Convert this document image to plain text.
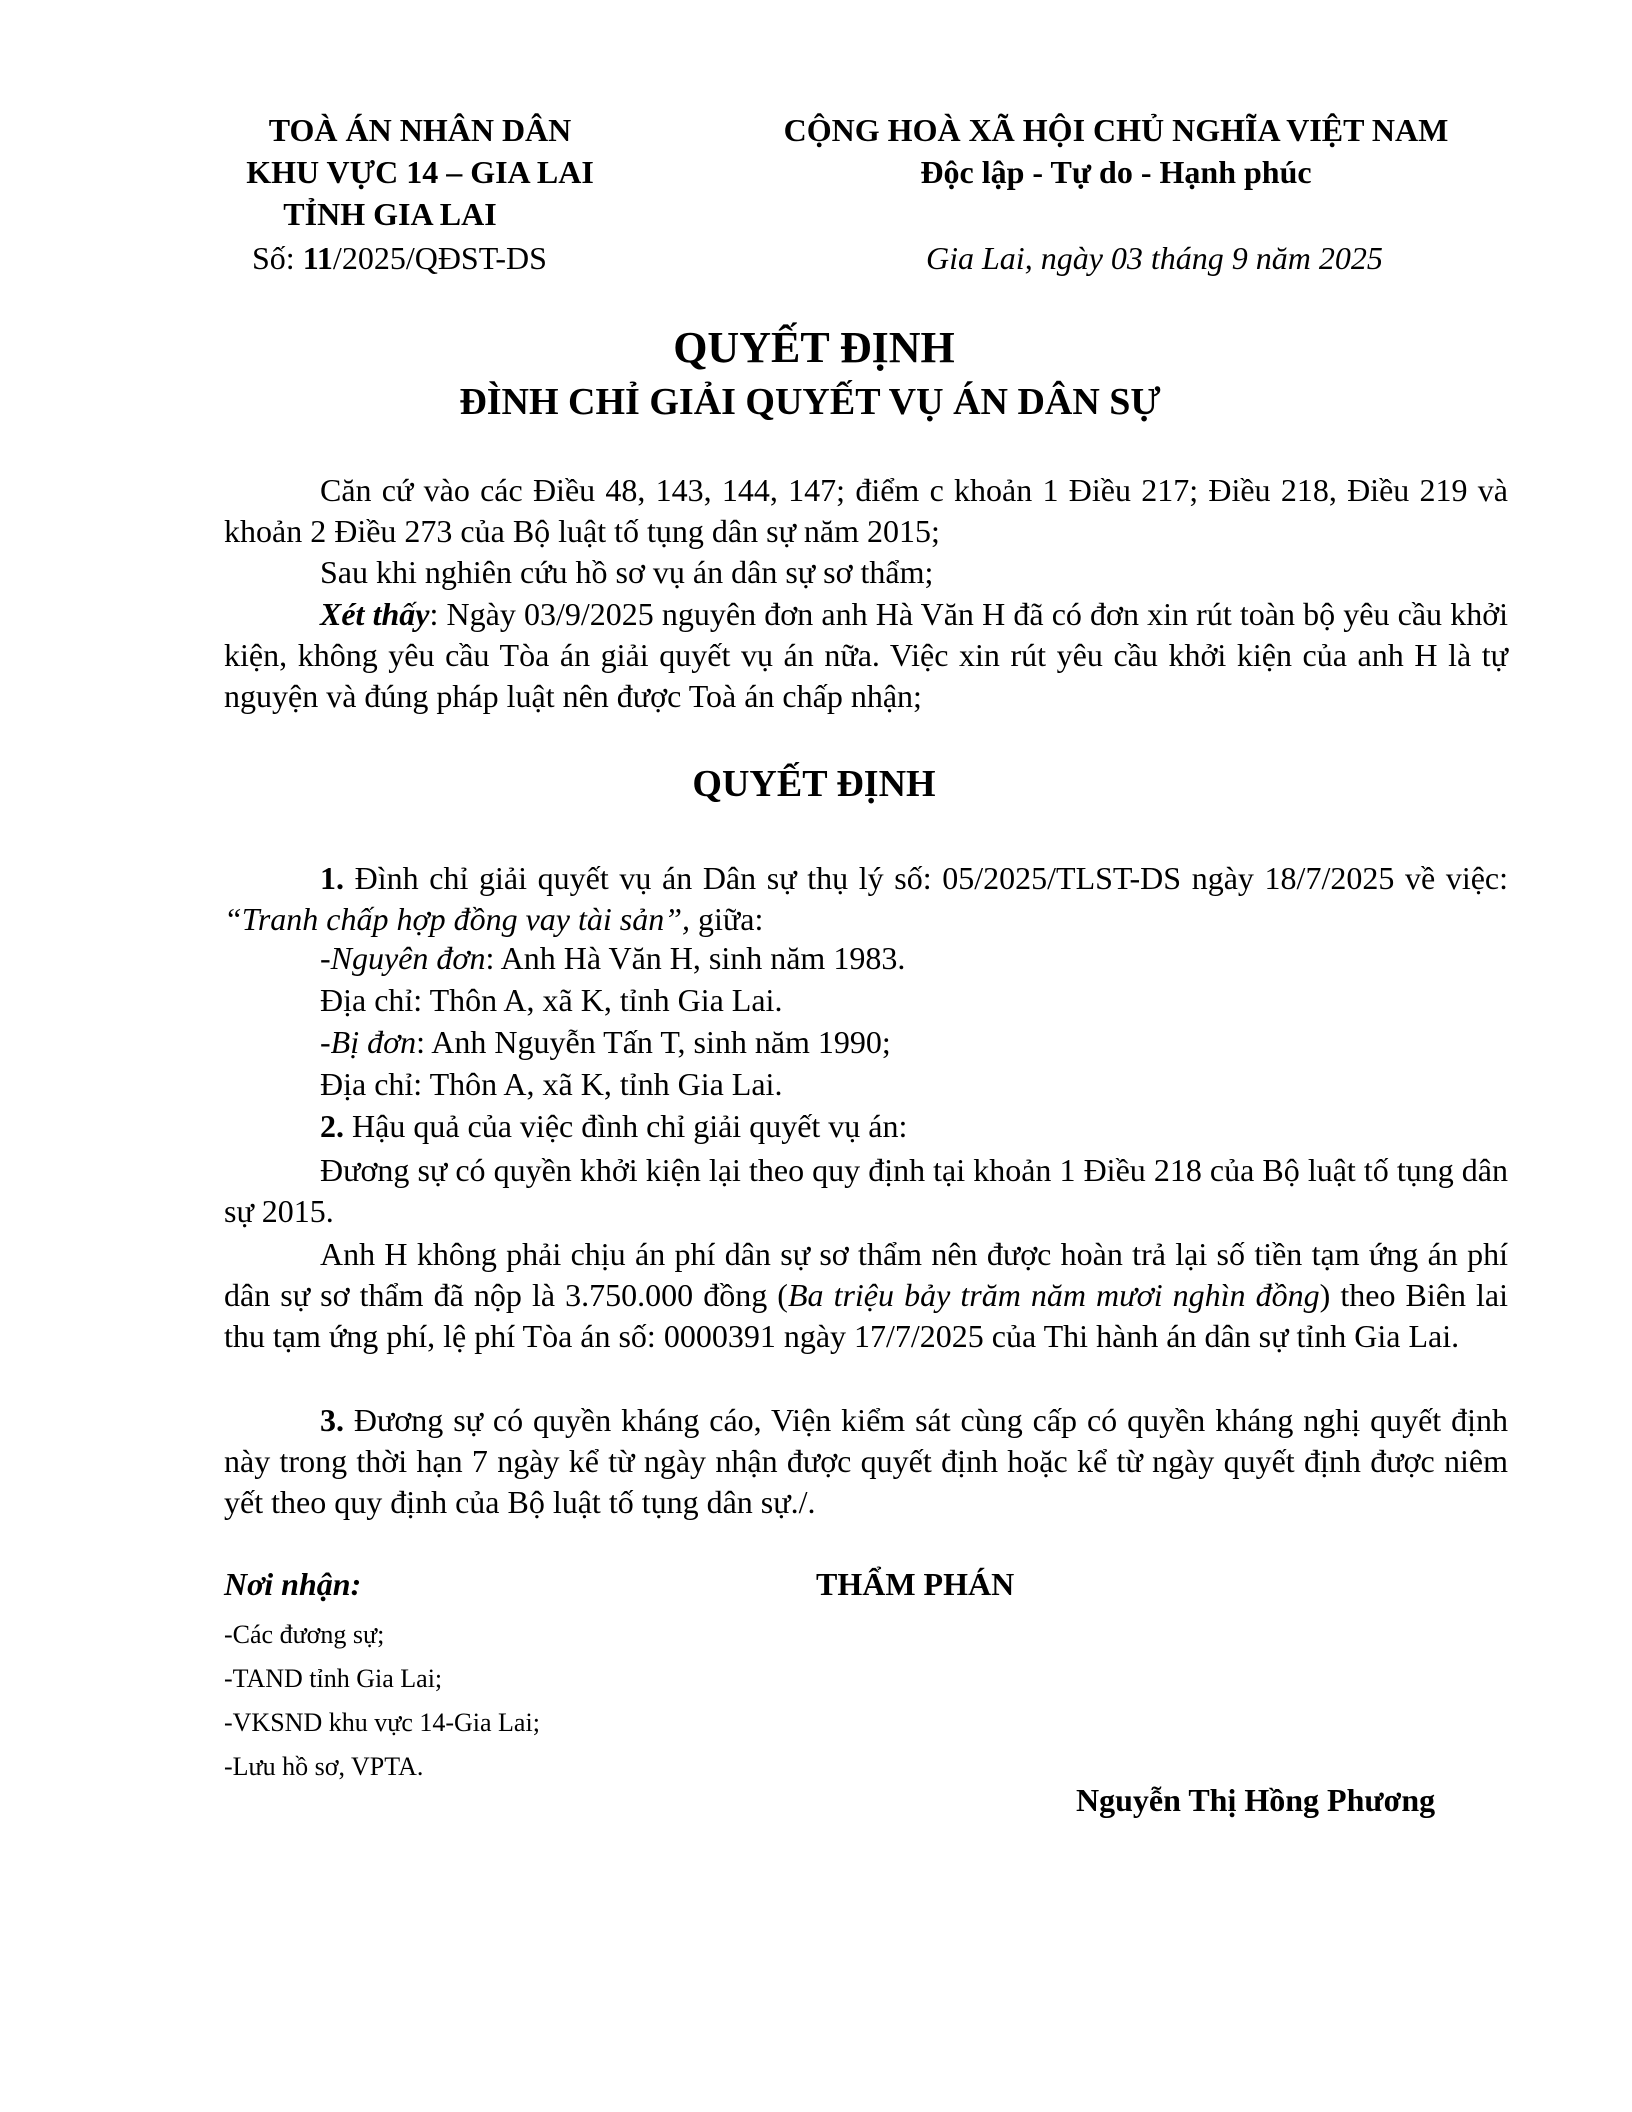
TOÀ ÁN NHÂN DÂN
KHU VỰC 14 – GIA LAI
TỈNH GIA LAI
Số: 11/2025/QĐST-DS
CỘNG HOÀ XÃ HỘI CHỦ NGHĨA VIỆT NAM
Độc lập - Tự do - Hạnh phúc
Gia Lai, ngày 03 tháng 9 năm 2025
QUYẾT ĐỊNH
ĐÌNH CHỈ GIẢI QUYẾT VỤ ÁN DÂN SỰ
Căn cứ vào các Điều 48, 143, 144, 147; điểm c khoản 1 Điều 217; Điều 218, Điều 219 và khoản 2 Điều 273 của Bộ luật tố tụng dân sự năm 2015;
Sau khi nghiên cứu hồ sơ vụ án dân sự sơ thẩm;
Xét thấy: Ngày 03/9/2025 nguyên đơn anh Hà Văn H đã có đơn xin rút toàn bộ yêu cầu khởi kiện, không yêu cầu Tòa án giải quyết vụ án nữa. Việc xin rút yêu cầu khởi kiện của anh H là tự nguyện và đúng pháp luật nên được Toà án chấp nhận;
QUYẾT ĐỊNH
1. Đình chỉ giải quyết vụ án Dân sự thụ lý số: 05/2025/TLST-DS ngày 18/7/2025 về việc: “Tranh chấp hợp đồng vay tài sản”, giữa:
-Nguyên đơn: Anh Hà Văn H, sinh năm 1983.
Địa chỉ: Thôn A, xã K, tỉnh Gia Lai.
-Bị đơn: Anh Nguyễn Tấn T, sinh năm 1990;
Địa chỉ: Thôn A, xã K, tỉnh Gia Lai.
2. Hậu quả của việc đình chỉ giải quyết vụ án:
Đương sự có quyền khởi kiện lại theo quy định tại khoản 1 Điều 218 của Bộ luật tố tụng dân sự 2015.
Anh H không phải chịu án phí dân sự sơ thẩm nên được hoàn trả lại số tiền tạm ứng án phí dân sự sơ thẩm đã nộp là 3.750.000 đồng (Ba triệu bảy trăm năm mươi nghìn đồng) theo Biên lai thu tạm ứng phí, lệ phí Tòa án số: 0000391 ngày 17/7/2025 của Thi hành án dân sự tỉnh Gia Lai.
3. Đương sự có quyền kháng cáo, Viện kiểm sát cùng cấp có quyền kháng nghị quyết định này trong thời hạn 7 ngày kể từ ngày nhận được quyết định hoặc kể từ ngày quyết định được niêm yết theo quy định của Bộ luật tố tụng dân sự./.
Nơi nhận:
-Các đương sự;
-TAND tỉnh Gia Lai;
-VKSND khu vực 14-Gia Lai;
-Lưu hồ sơ, VPTA.
THẨM PHÁN
Nguyễn Thị Hồng Phương
